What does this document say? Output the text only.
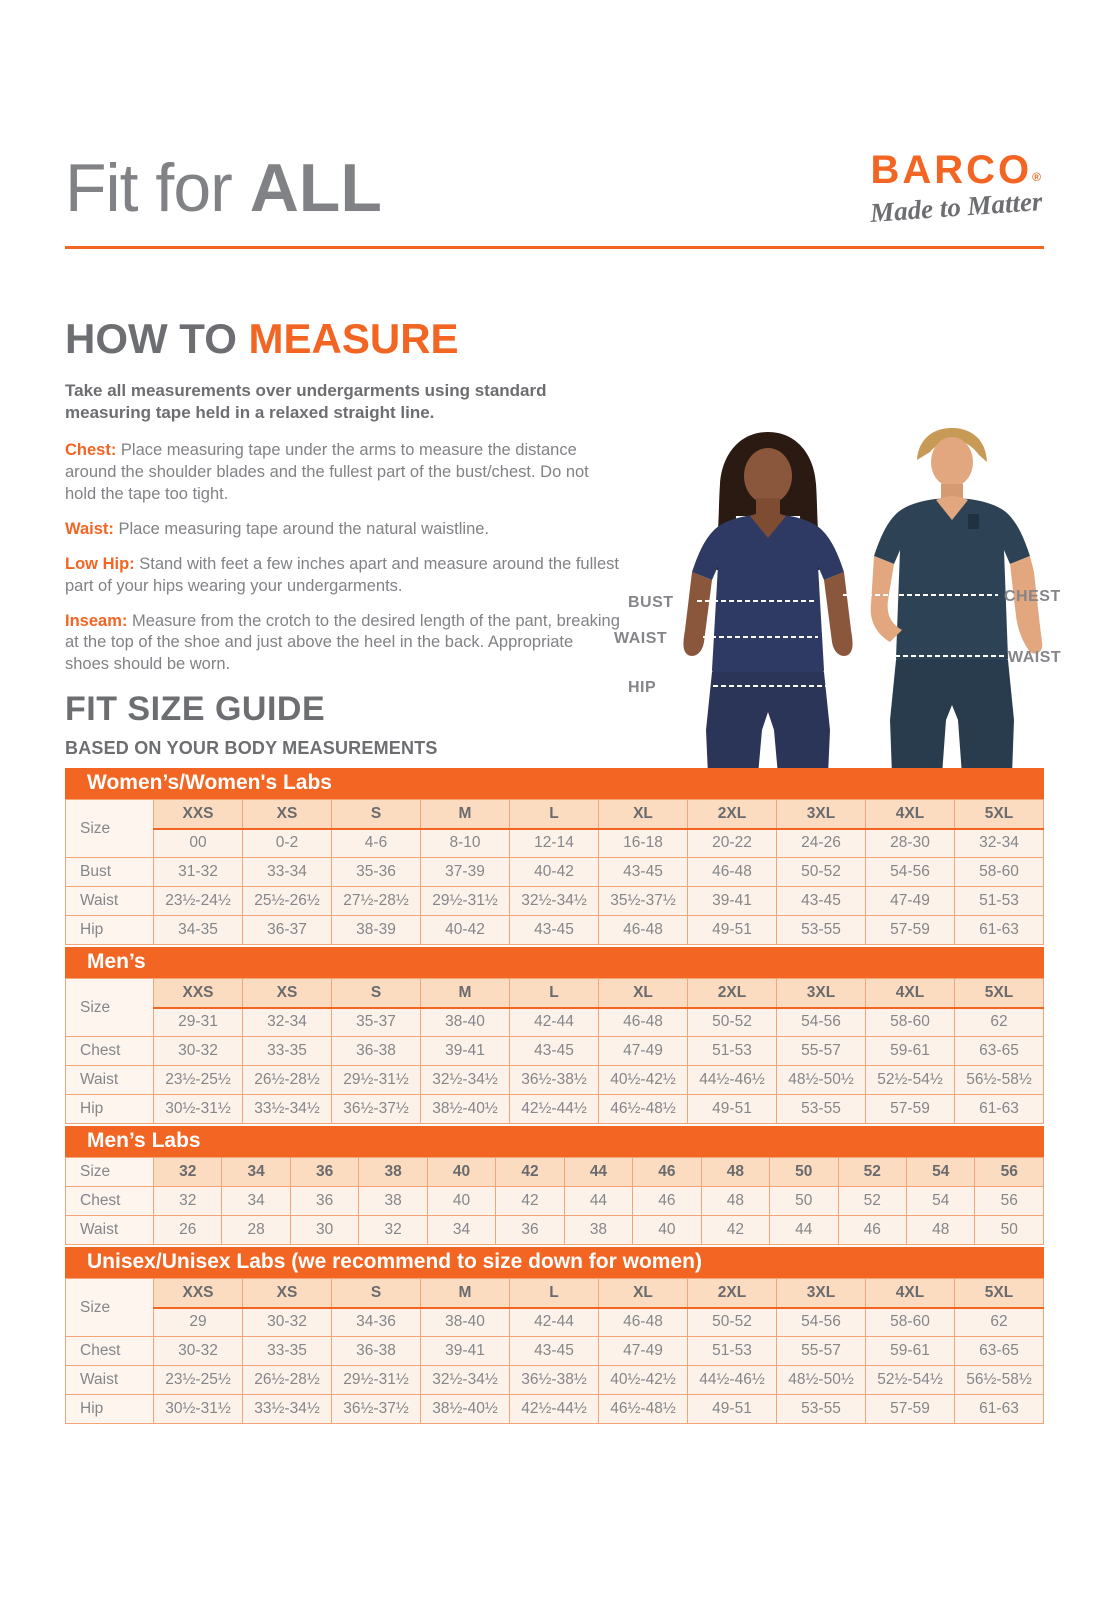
Fit for ALL	BARCO®
Made to Matter
HOW TO MEASURE

Take all measurements over undergarments using standard measuring tape held in a relaxed straight line.

Chest: Place measuring tape under the arms to measure the distance around the shoulder blades and the fullest part of the bust/chest. Do not hold the tape too tight.

Waist: Place measuring tape around the natural waistline.

Low Hip: Stand with feet a few inches apart and measure around the fullest part of your hips wearing your undergarments.

Inseam: Measure from the crotch to the desired length of the pant, breaking at the top of the shoe and just above the heel in the back. Appropriate shoes should be worn.

BUST
WAIST
HIP
CHEST
WAIST
FIT SIZE GUIDE
BASED ON YOUR BODY MEASUREMENTS
Women’s/Women's Labs
Size	XXS	XS	S	M	L	XL	2XL	3XL	4XL	5XL
	00	0-2	4-6	8-10	12-14	16-18	20-22	24-26	28-30	32-34
Bust	31-32	33-34	35-36	37-39	40-42	43-45	46-48	50-52	54-56	58-60
Waist	23½-24½	25½-26½	27½-28½	29½-31½	32½-34½	35½-37½	39-41	43-45	47-49	51-53
Hip	34-35	36-37	38-39	40-42	43-45	46-48	49-51	53-55	57-59	61-63
Men’s
Size	XXS	XS	S	M	L	XL	2XL	3XL	4XL	5XL
	29-31	32-34	35-37	38-40	42-44	46-48	50-52	54-56	58-60	62
Chest	30-32	33-35	36-38	39-41	43-45	47-49	51-53	55-57	59-61	63-65
Waist	23½-25½	26½-28½	29½-31½	32½-34½	36½-38½	40½-42½	44½-46½	48½-50½	52½-54½	56½-58½
Hip	30½-31½	33½-34½	36½-37½	38½-40½	42½-44½	46½-48½	49-51	53-55	57-59	61-63
Men’s Labs
Size	32	34	36	38	40	42	44	46	48	50	52	54	56
Chest	32	34	36	38	40	42	44	46	48	50	52	54	56
Waist	26	28	30	32	34	36	38	40	42	44	46	48	50
Unisex/Unisex Labs (we recommend to size down for women)
Size	XXS	XS	S	M	L	XL	2XL	3XL	4XL	5XL
	29	30-32	34-36	38-40	42-44	46-48	50-52	54-56	58-60	62
Chest	30-32	33-35	36-38	39-41	43-45	47-49	51-53	55-57	59-61	63-65
Waist	23½-25½	26½-28½	29½-31½	32½-34½	36½-38½	40½-42½	44½-46½	48½-50½	52½-54½	56½-58½
Hip	30½-31½	33½-34½	36½-37½	38½-40½	42½-44½	46½-48½	49-51	53-55	57-59	61-63
